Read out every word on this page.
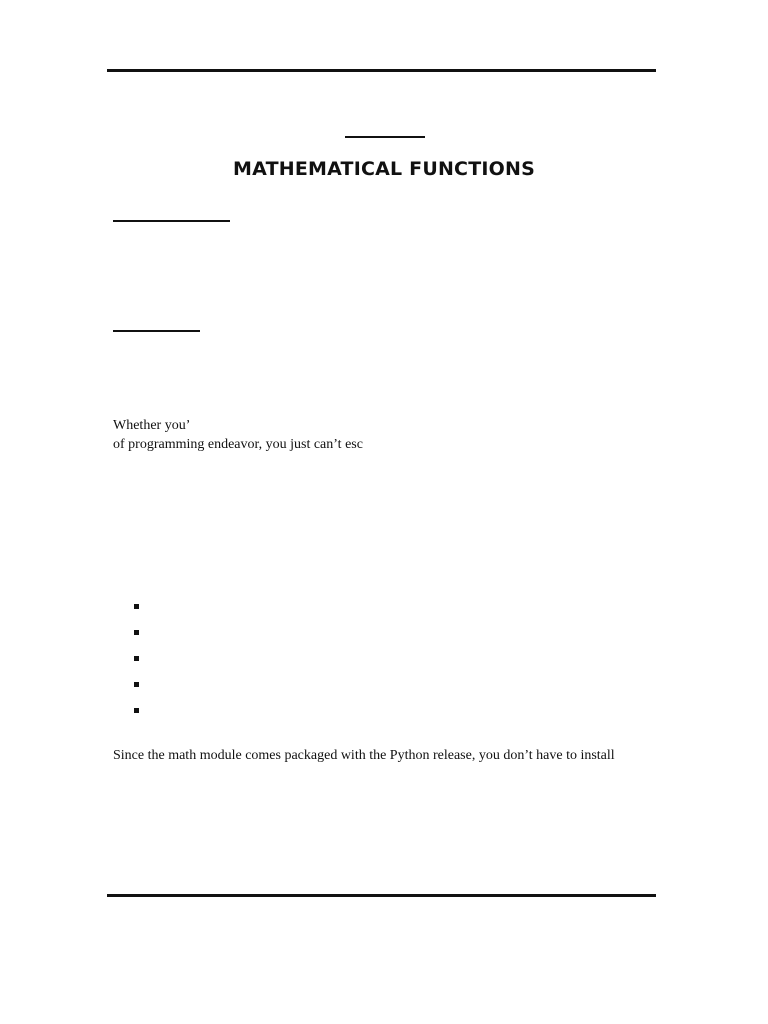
MATHEMATICAL FUNCTIONS
Whether you’
of programming endeavor, you just can’t esc
Since the math module comes packaged with the Python release, you don’t have to install
